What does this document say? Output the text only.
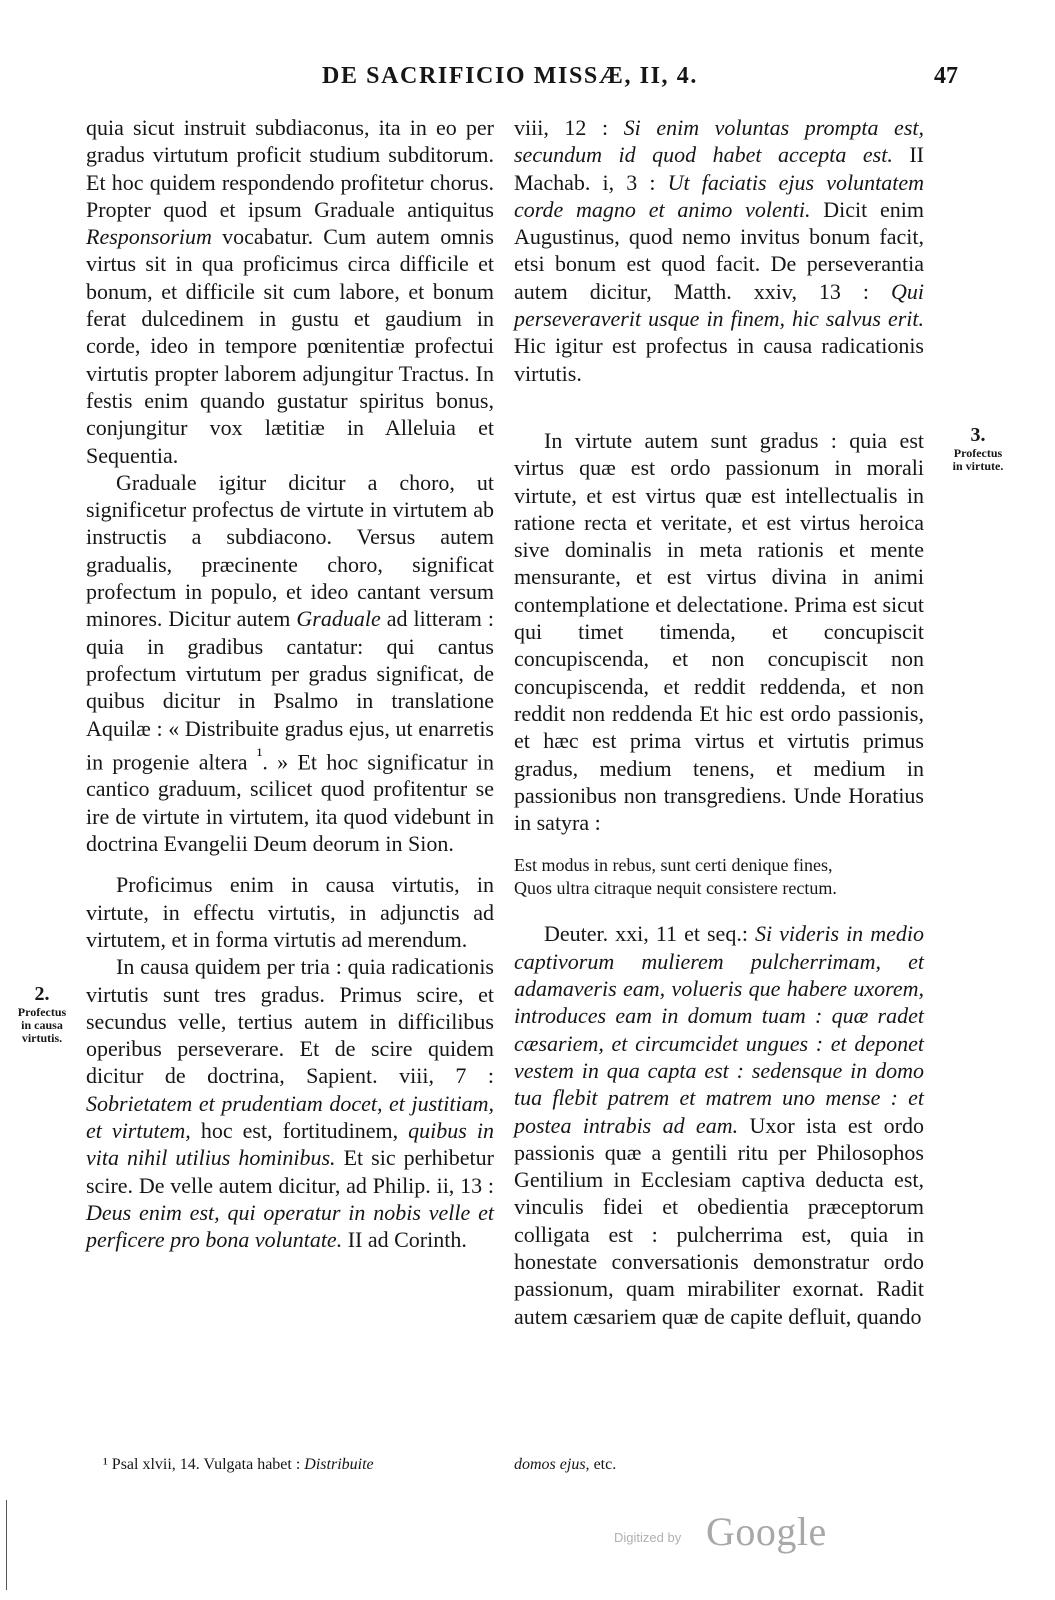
DE SACRIFICIO MISSÆ, II, 4.	47

quia sicut instruit subdiaconus, ita in eo per gradus virtutum proficit studium subditorum. Et hoc quidem respondendo profitetur chorus. Propter quod et ipsum Graduale antiquitus Responsorium vocabatur. Cum autem omnis virtus sit in qua proficimus circa difficile et bonum, et difficile sit cum labore, et bonum ferat dulcedinem in gustu et gaudium in corde, ideo in tempore pœnitentiæ profectui virtutis propter laborem adjungitur Tractus. In festis enim quando gustatur spiritus bonus, conjungitur vox lætitiæ in Alleluia et Sequentia.

Graduale igitur dicitur a choro, ut significetur profectus de virtute in virtutem ab instructis a subdiacono. Versus autem gradualis, præcinente choro, significat profectum in populo, et ideo cantant versum minores. Dicitur autem Graduale ad litteram : quia in gradibus cantatur: qui cantus profectum virtutum per gradus significat, de quibus dicitur in Psalmo in translatione Aquilæ : « Distribuite gradus ejus, ut enarretis in progenie altera $^{^1}$. » Et hoc significatur in cantico graduum, scilicet quod profitentur se ire de virtute in virtutem, ita quod videbunt in doctrina Evangelii Deum deorum in Sion.

Proficimus enim in causa virtutis, in virtute, in effectu virtutis, in adjunctis ad virtutem, et in forma virtutis ad merendum.

In causa quidem per tria : quia radicationis virtutis sunt tres gradus. Primus scire, et secundus velle, tertius autem in difficilibus operibus perseverare. Et de scire quidem dicitur de doctrina, Sapient. viii, 7 : Sobrietatem et prudentiam docet, et justitiam, et virtutem, hoc est, fortitudinem, quibus in vita nihil utilius hominibus. Et sic perhibetur scire. De velle autem dicitur, ad Philip. ii, 13 : Deus enim est, qui operatur in nobis velle et perficere pro bona voluntate. II ad Corinth.

viii, 12 : Si enim voluntas prompta est, secundum id quod habet accepta est. II Machab. i, 3 : Ut faciatis ejus voluntatem corde magno et animo volenti. Dicit enim Augustinus, quod nemo invitus bonum facit, etsi bonum est quod facit. De perseverantia autem dicitur, Matth. xxiv, 13 : Qui perseveraverit usque in finem, hic salvus erit. Hic igitur est profectus in causa radicationis virtutis.

In virtute autem sunt gradus : quia est virtus quæ est ordo passionum in morali virtute, et est virtus quæ est intellectualis in ratione recta et veritate, et est virtus heroica sive dominalis in meta rationis et mente mensurante, et est virtus divina in animi contemplatione et delectatione. Prima est sicut qui timet timenda, et concupiscit concupiscenda, et non concupiscit non concupiscenda, et reddit reddenda, et non reddit non reddenda Et hic est ordo passionis, et hæc est prima virtus et virtutis primus gradus, medium tenens, et medium in passionibus non transgrediens. Unde Horatius in satyra :

Est modus in rebus, sunt certi denique fines,
Quos ultra citraque nequit consistere rectum.

Deuter. xxi, 11 et seq.: Si videris in medio captivorum mulierem pulcherrimam, et adamaveris eam, volueris que habere uxorem, introduces eam in domum tuam : quæ radet cæsariem, et circumcidet ungues : et deponet vestem in qua capta est : sedensque in domo tua flebit patrem et matrem uno mense : et postea intrabis ad eam. Uxor ista est ordo passionis quæ a gentili ritu per Philosophos Gentilium in Ecclesiam captiva deducta est, vinculis fidei et obedientia præceptorum colligata est : pulcherrima est, quia in honestate conversationis demonstratur ordo passionum, quam mirabiliter exornat. Radit autem cæsariem quæ de capite defluit, quando

2.
Profectus
in causa
virtutis.
3.
Profectus
in virtute.
¹ Psal xlvii, 14. Vulgata habet : Distribuite	domos ejus, etc.
Digitized by Google
